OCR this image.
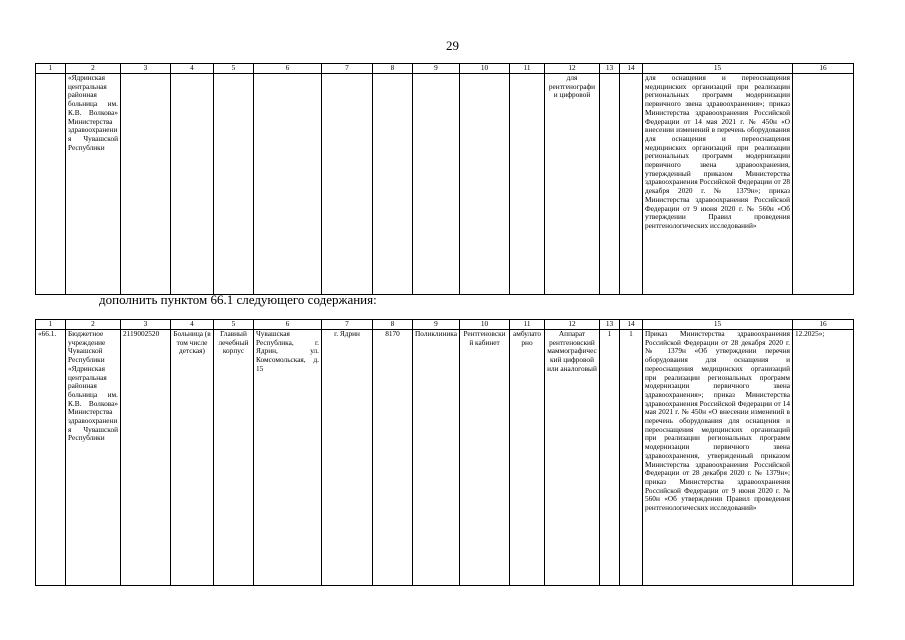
29
1	2	3	4	5	6	7	8	9	10	11	12	13	14	15	16
	«Ядринская центральная районная больница им. К.В. Волкова» Министерства здравоохранения Чувашской Республики										для рентгенографии цифровой			для оснащения и переоснащения медицинских организаций при реализации региональных программ модернизации первичного звена здравоохранения»; приказ Министерства здравоохранения Российской Федерации от 14 мая 2021 г. № 450н «О внесении изменений в перечень оборудования для оснащения и переоснащения медицинских организаций при реализации региональных программ модернизации первичного звена здравоохранения, утвержденный приказом Министерства здравоохранения Российской Федерации от 28 декабря 2020 г. № 1379н»; приказ Министерства здравоохранения Российской Федерации от 9 июня 2020 г. № 560н «Об утверждении Правил проведения рентгенологических исследований»	
дополнить пунктом 66.1 следующего содержания:
1	2	3	4	5	6	7	8	9	10	11	12	13	14	15	16
«66.1.	Бюджетное учреждение Чувашской Республики «Ядринская центральная районная больница им. К.В. Волкова» Министерства здравоохранения Чувашской Республики	2119002520	Больница (в том числе детская)	Главный лечебный корпус	Чувашская Республика, г. Ядрин, ул. Комсомольская, д. 15	г. Ядрин	8170	Поликлиника	Рентгеновский кабинет	амбулаторно	Аппарат рентгеновский маммографический цифровой или аналоговый	1	1	Приказ Министерства здравоохранения Российской Федерации от 28 декабря 2020 г. № 1379н «Об утверждении перечня оборудования для оснащения и переоснащения медицинских организаций при реализации региональных программ модернизации первичного звена здравоохранения»; приказ Министерства здравоохранения Российской Федерации от 14 мая 2021 г. № 450н «О внесении изменений в перечень оборудования для оснащения и переоснащения медицинских организаций при реализации региональных программ модернизации первичного звена здравоохранения, утвержденный приказом Министерства здравоохранения Российской Федерации от 28 декабря 2020 г. № 1379н»; приказ Министерства здравоохранения Российской Федерации от 9 июня 2020 г. № 560н «Об утверждении Правил проведения рентгенологических исследований»	12.2025»;
